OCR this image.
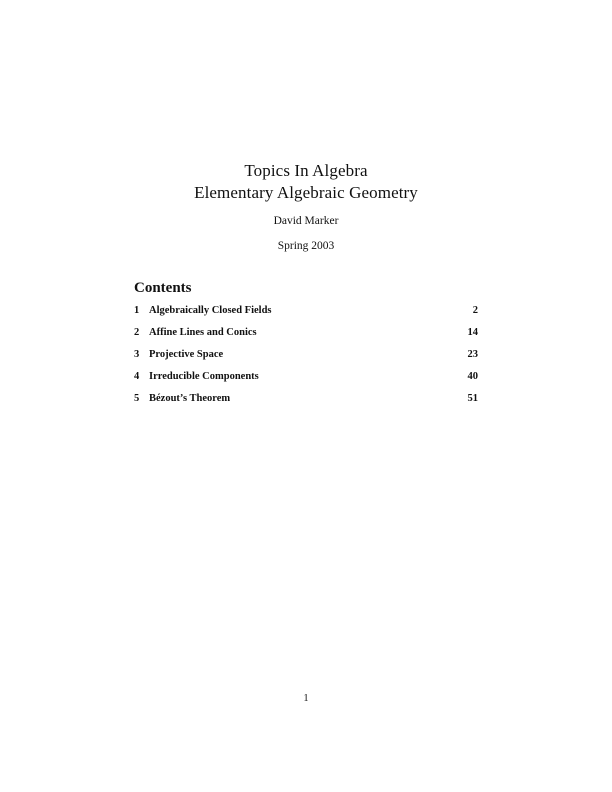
Topics In Algebra
Elementary Algebraic Geometry
David Marker
Spring 2003
Contents
1 Algebraically Closed Fields	2
2 Affine Lines and Conics	14
3 Projective Space	23
4 Irreducible Components	40
5 Bézout’s Theorem	51
1
